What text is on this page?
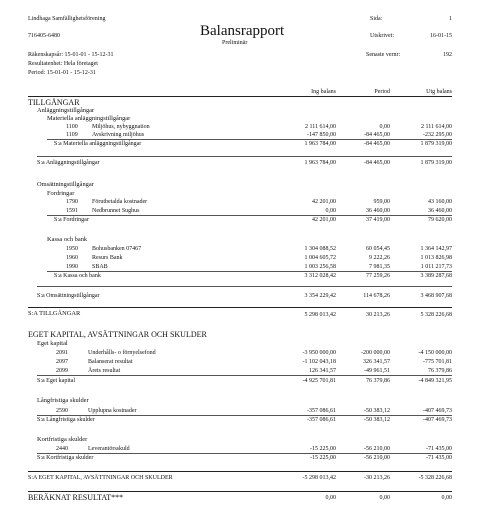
Lindhaga Samfällighetsförening
716405-6480	Balansrapport
Preliminär
Sida:	1
Utskrivet:	16-01-15
Räkenskapsår: 15-01-01 - 15-12-31
Resultatenhet: Hela företaget
Period: 15-01-01 - 15-12-31
Senaste vernr:	192
Ing balans	Period	Utg balans
TILLGÅNGAR
Anläggningstillgångar
Materiella anläggningstillgångar
1100 Miljöhus, nybyggnation	2 111 614,00	0,00	2 111 614,00
1109 Avskrivning miljöhus	-147 850,00	-84 465,00	-232 295,00
S:a Materiella anläggningstillgångar	1 963 784,00	-84 465,00	1 879 319,00
S:a Anläggningstillgångar	1 963 784,00	-84 465,00	1 879 319,00
Omsättningstillgångar
Fordringar
1790 Förutbetalda kostnader	42 201,00	959,00	43 160,00
1591 Nedbrunnet Sughus	0,00	36 460,00	36 460,00
S:a Fordringar	42 201,00	37 419,00	79 620,00
Kassa och bank
1950 Bohusbanken 07467	1 304 088,52	60 054,45	1 364 142,97
1960 Resurs Bank	1 004 605,72	9 222,26	1 013 826,98
1990 SBAB	1 003 256,58	7 981,35	1 011 217,73
S:a Kassa och bank	3 312 028,42	77 259,26	3 389 287,68
S:a Omsättningstillgångar	3 354 229,42	114 678,26	3 468 907,68
S:A TILLGÅNGAR	5 298 013,42	30 213,26	5 328 226,68
EGET KAPITAL, AVSÄTTNINGAR OCH SKULDER
Eget kapital
2091	Underhålls- o förnyelsefond	-3 950 000,00	-200 000,00	-4 150 000,00
2097	Balanserat resultat	-1 102 043,18	326 341,57	-775 701,81
2099	Årets resultat	126 341,57	-49 961,51	76 379,86
S:a Eget kapital	-4 925 701,81	76 379,86	-4 849 321,95
Långfristiga skulder
2590	Upplupna kostnader	-357 086,61	-50 383,12	-407 469,73
S:a Långfristiga skulder	-357 086,61	-50 383,12	-407 469,73
Kortfristiga skulder
2440	Leverantörsskuld	-15 225,00	-56 210,00	-71 435,00
S:a Kortfristiga skulder	-15 225,00	-56 210,00	-71 435,00
S:A EGET KAPITAL, AVSÄTTNINGAR OCH SKULDER	-5 298 013,42	-30 213,26	-5 328 226,68
BERÄKNAT RESULTAT***	0,00	0,00	0,00
